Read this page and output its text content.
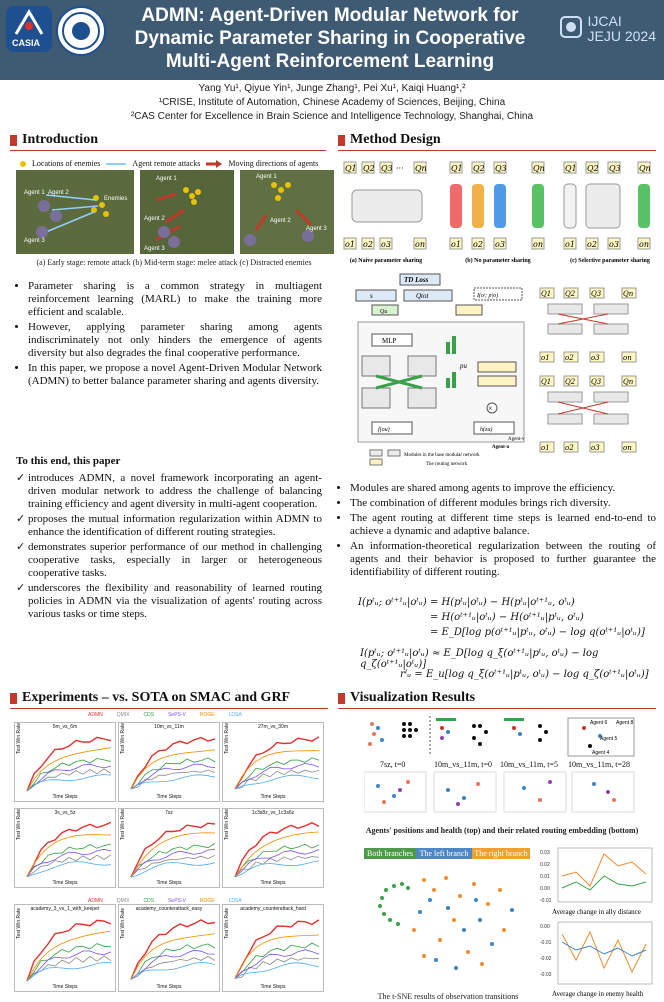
CASIA
ADMN: Agent-Driven Modular Network for
Dynamic Parameter Sharing in Cooperative
Multi-Agent Reinforcement Learning
IJCAI
JEJU 2024
Yang Yu¹, Qiyue Yin¹, Junge Zhang¹, Pei Xu¹, Kaiqi Huang¹,²
¹CRISE, Institute of Automation, Chinese Academy of Sciences, Beijing, China
²CAS Center for Excellence in Brain Science and Intelligence Technology, Shanghai, China
Introduction
Locations of enemies	Agent remote attacks	Moving directions of agents
Agent 1 Agent 2
Enemies
Agent 3
Agent 1
Agent 2
Agent 3
Agent 1
Agent 2
Agent 3
(a) Early stage: remote attack (b) Mid-term stage: melee attack (c) Distracted enemies
• Parameter sharing is a common strategy in multiagent reinforcement learning (MARL) to make the training more efficient and scalable.
• However, applying parameter sharing among agents indiscriminately not only hinders the emergence of agents diversity but also degrades the final cooperative performance.
• In this paper, we propose a novel Agent-Driven Modular Network (ADMN) to better balance parameter sharing and agents diversity.
To this end, this paper
✓ introduces ADMN, a novel framework incorporating an agent-driven modular network to address the challenge of balancing training efficiency and agent diversity in multi-agent cooperation.
✓ proposes the mutual information regularization within ADMN to enhance the identification of different routing strategies.
✓ demonstrates superior performance of our method in challenging cooperative tasks, especially in larger or heterogeneous cooperative tasks.
✓ underscores the flexibility and reasonability of learned routing policies in ADMN via the visualization of agents' routing across various tasks or time steps.
Method Design
Q1 Q2 Q3	Qn
···
o1 o2 o3	on
Q1 Q2 Q3	Qn
o1 o2 o3	on
Q1 Q2 Q3 Qn
o1 o2 o3	on
(a) Naive parameter sharing	(b) No parameter sharing	(c) Selective parameter sharing
TD Loss
s	Qtot	I(oᵗ; p|o)
Qu
MLP
pu
×
f(ou)	h(zu)
Agent-v
Agent-u
Modules in the base modular network
The routing network
Q1 Q2 Q3	Qn
o1 o2 o3	on
Q1 Q2 Q3	Qn
o1 o2 o3	on
• Modules are shared among agents to improve the efficiency.
• The combination of different modules brings rich diversity.
• The agent routing at different time steps is learned end-to-end to achieve a dynamic and adaptive balance.
• An information-theoretical regularization between the routing of agents and their behavior is proposed to further guarantee the identifiability of different routing.
I(pᵗᵤ; oᵗ⁺¹ᵤ|oᵗᵤ) = H(pᵗᵤ|oᵗᵤ) − H(pᵗᵤ|oᵗ⁺¹ᵤ, oᵗᵤ)
= H(oᵗ⁺¹ᵤ|oᵗᵤ) − H(oᵗ⁺¹ᵤ|pᵗᵤ, oᵗᵤ)
= E_D[log p(oᵗ⁺¹ᵤ|pᵗᵤ, oᵗᵤ) − log q(oᵗ⁺¹ᵤ|oᵗᵤ)]
I(pᵗᵤ; oᵗ⁺¹ᵤ|oᵗᵤ) ≈ E_D[log q_ξ(oᵗ⁺¹ᵤ|pᵗᵤ, oᵗᵤ) − log q_ζ(oᵗ⁺¹ᵤ|oᵗᵤ)]
rᴵᵤ = E_u[log q_ξ(oᵗ⁺¹ᵤ|pᵗᵤ, oᵗᵤ) − log q_ζ(oᵗ⁺¹ᵤ|oᵗᵤ)]
Experiments – vs. SOTA on SMAC and GRF
ADMN	QMIX	CDS	SePS-V	ROGE	LDSA
5m_vs_6m
Test Win Rate
Time Steps
10m_vs_11m
Test Win Rate
Time Steps
27m_vs_30m
Test Win Rate
Time Steps
3s_vs_5z
Test Win Rate
Time Steps
7sz
Test Win Rate
Time Steps
1c3s8z_vs_1c3s6z
Test Win Rate
Time Steps
academy_3_vs_1_with_keeper
Test Win Rate
Time Steps
academy_counterattack_easy
Test Win Rate
Time Steps
academy_counterattack_hard
Test Win Rate
Time Steps
ADMN	QMIX	CDS	SePS-V	ROGE	LDSA
Visualization Results
Agent 6 Agent 8
Agent 5
Agent 4
7sz, t=0	10m_vs_11m, t=0 10m_vs_11m, t=5 10m_vs_11m, t=28
Agents' positions and health (top) and their related routing embedding (bottom)
Both branches The left branch The right branch
The t-SNE results of observation transitions
0.03
0.02
0.01
0.00
-0.01
Average change in ally distance
0.00
-0.01
-0.02
-0.03
Average change in enemy health
